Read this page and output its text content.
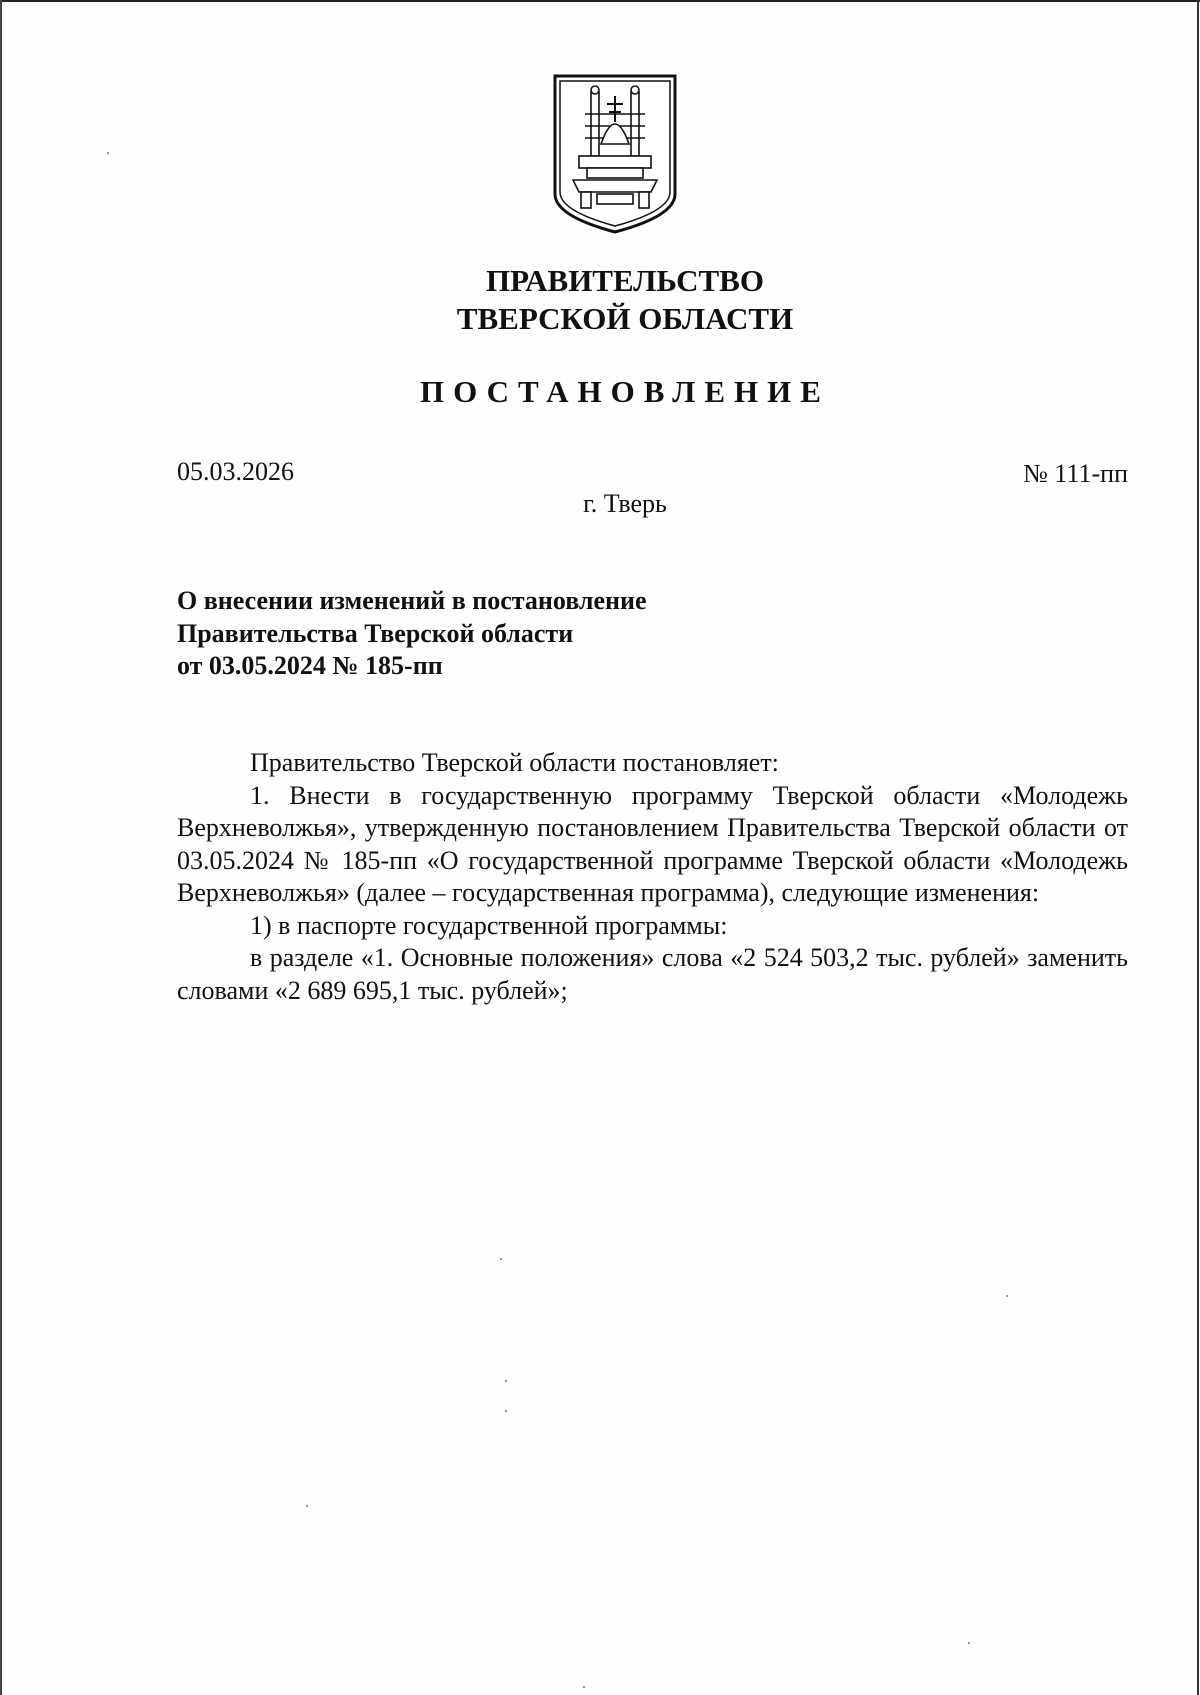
ПРАВИТЕЛЬСТВО
ТВЕРСКОЙ ОБЛАСТИ
ПОСТАНОВЛЕНИЕ
05.03.2026	№ 111-пп
г. Тверь
О внесении изменений в постановление
Правительства Тверской области
от 03.05.2024 № 185-пп

Правительство Тверской области постановляет:

1. Внести в государственную программу Тверской области «Молодежь Верхневолжья», утвержденную постановлением Правительства Тверской области от 03.05.2024 № 185-пп «О государственной программе Тверской области «Молодежь Верхневолжья» (далее – государственная программа), следующие изменения:

1) в паспорте государственной программы:

в разделе «1. Основные положения» слова «2 524 503,2 тыс. рублей» заменить словами «2 689 695,1 тыс. рублей»;
